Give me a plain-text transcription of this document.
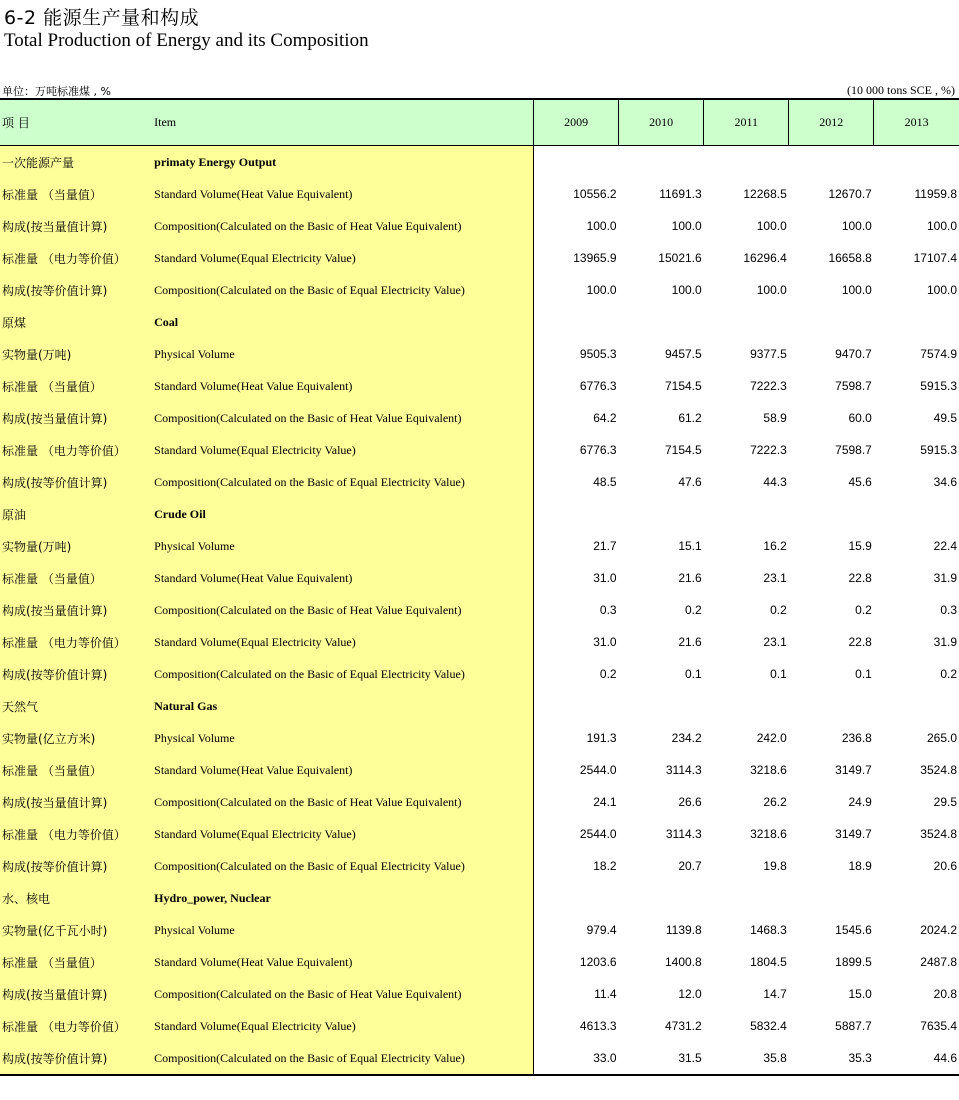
6-2 能源生产量和构成
Total Production of Energy and its Composition
单位：万吨标准煤 , %	(10 000 tons SCE , %)
项 目	Item	2009	2010	2011	2012	2013
一次能源产量	primaty Energy Output					
标准量 （当量值）	Standard Volume(Heat Value Equivalent)	10556.2	11691.3	12268.5	12670.7	11959.8
构成(按当量值计算)	Composition(Calculated on the Basic of Heat Value Equivalent)	100.0	100.0	100.0	100.0	100.0
标准量 （电力等价值）	Standard Volume(Equal Electricity Value)	13965.9	15021.6	16296.4	16658.8	17107.4
构成(按等价值计算)	Composition(Calculated on the Basic of Equal Electricity Value)	100.0	100.0	100.0	100.0	100.0
原煤	Coal					
实物量(万吨)	Physical Volume	9505.3	9457.5	9377.5	9470.7	7574.9
标准量 （当量值）	Standard Volume(Heat Value Equivalent)	6776.3	7154.5	7222.3	7598.7	5915.3
构成(按当量值计算)	Composition(Calculated on the Basic of Heat Value Equivalent)	64.2	61.2	58.9	60.0	49.5
标准量 （电力等价值）	Standard Volume(Equal Electricity Value)	6776.3	7154.5	7222.3	7598.7	5915.3
构成(按等价值计算)	Composition(Calculated on the Basic of Equal Electricity Value)	48.5	47.6	44.3	45.6	34.6
原油	Crude Oil					
实物量(万吨)	Physical Volume	21.7	15.1	16.2	15.9	22.4
标准量 （当量值）	Standard Volume(Heat Value Equivalent)	31.0	21.6	23.1	22.8	31.9
构成(按当量值计算)	Composition(Calculated on the Basic of Heat Value Equivalent)	0.3	0.2	0.2	0.2	0.3
标准量 （电力等价值）	Standard Volume(Equal Electricity Value)	31.0	21.6	23.1	22.8	31.9
构成(按等价值计算)	Composition(Calculated on the Basic of Equal Electricity Value)	0.2	0.1	0.1	0.1	0.2
天然气	Natural Gas					
实物量(亿立方米)	Physical Volume	191.3	234.2	242.0	236.8	265.0
标准量 （当量值）	Standard Volume(Heat Value Equivalent)	2544.0	3114.3	3218.6	3149.7	3524.8
构成(按当量值计算)	Composition(Calculated on the Basic of Heat Value Equivalent)	24.1	26.6	26.2	24.9	29.5
标准量 （电力等价值）	Standard Volume(Equal Electricity Value)	2544.0	3114.3	3218.6	3149.7	3524.8
构成(按等价值计算)	Composition(Calculated on the Basic of Equal Electricity Value)	18.2	20.7	19.8	18.9	20.6
水、核电	Hydro_power, Nuclear					
实物量(亿千瓦小时)	Physical Volume	979.4	1139.8	1468.3	1545.6	2024.2
标准量 （当量值）	Standard Volume(Heat Value Equivalent)	1203.6	1400.8	1804.5	1899.5	2487.8
构成(按当量值计算)	Composition(Calculated on the Basic of Heat Value Equivalent)	11.4	12.0	14.7	15.0	20.8
标准量 （电力等价值）	Standard Volume(Equal Electricity Value)	4613.3	4731.2	5832.4	5887.7	7635.4
构成(按等价值计算)	Composition(Calculated on the Basic of Equal Electricity Value)	33.0	31.5	35.8	35.3	44.6
